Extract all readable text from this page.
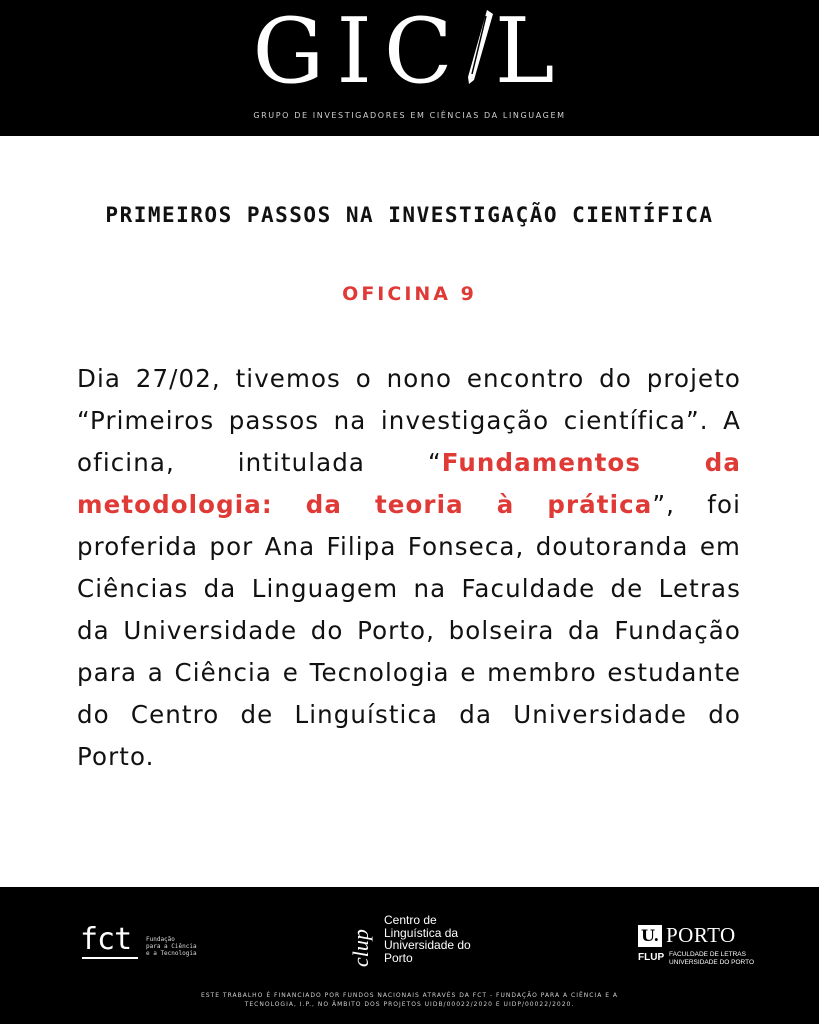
GIC L
GRUPO DE INVESTIGADORES EM CIÊNCIAS DA LINGUAGEM
PRIMEIROS PASSOS NA INVESTIGAÇÃO CIENTÍFICA
OFICINA 9
Dia 27/02, tivemos o nono encontro do projeto “Primeiros passos na investigação científica”. A oficina, intitulada “Fundamentos da metodologia: da teoria à prática”, foi proferida por Ana Filipa Fonseca, doutoranda em Ciências da Linguagem na Faculdade de Letras da Universidade do Porto, bolseira da Fundação para a Ciência e Tecnologia e membro estudante do Centro de Linguística da Universidade do Porto.
fct Fundação
para a Ciência
e a Tecnologia	clup
Centro de
Linguística da
Universidade do
Porto
U. PORTO
FLUP FACULDADE DE LETRAS
UNIVERSIDADE DO PORTO
ESTE TRABALHO É FINANCIADO POR FUNDOS NACIONAIS ATRAVÉS DA FCT - FUNDAÇÃO PARA A CIÊNCIA E A
TECNOLOGIA, I.P., NO ÂMBITO DOS PROJETOS UIDB/00022/2020 E UIDP/00022/2020.
